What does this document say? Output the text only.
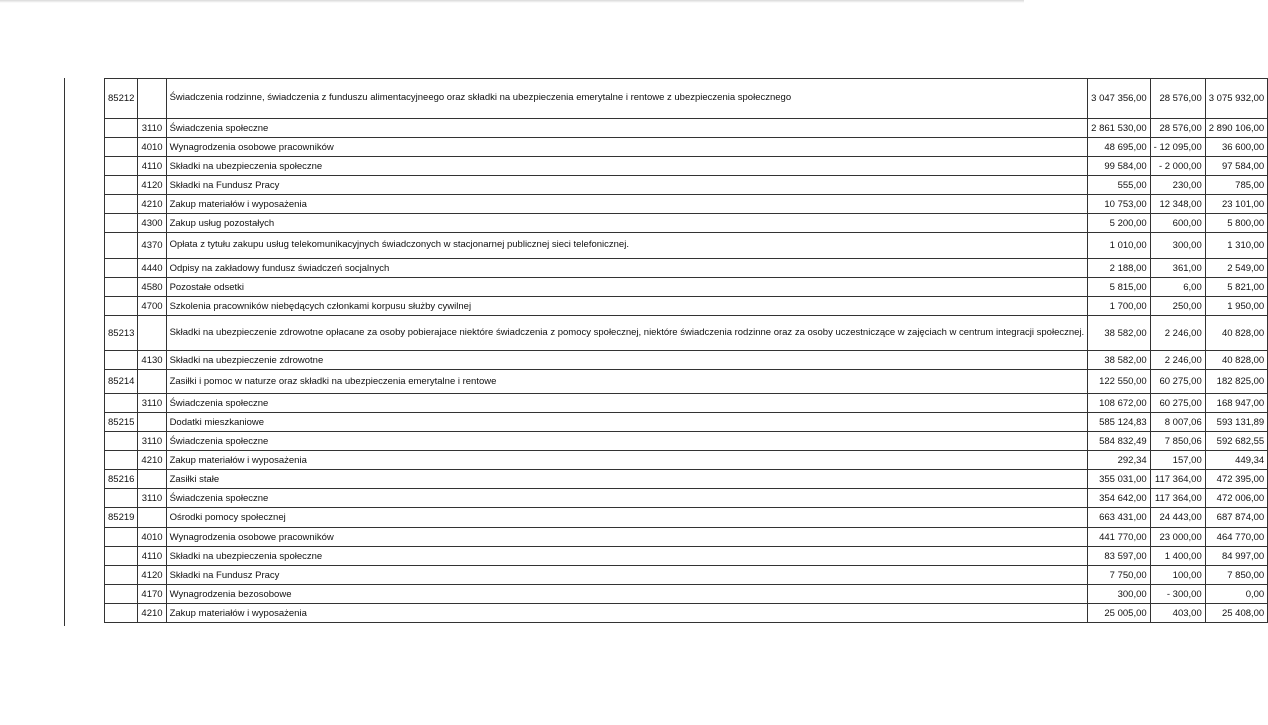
85212		Świadczenia rodzinne, świadczenia z funduszu alimentacyjneego oraz składki na ubezpieczenia emerytalne i rentowe z ubezpieczenia społecznego	3 047 356,00	28 576,00	3 075 932,00
	3110	Świadczenia społeczne	2 861 530,00	28 576,00	2 890 106,00
	4010	Wynagrodzenia osobowe pracowników	48 695,00	- 12 095,00	36 600,00
	4110	Składki na ubezpieczenia społeczne	99 584,00	- 2 000,00	97 584,00
	4120	Składki na Fundusz Pracy	555,00	230,00	785,00
	4210	Zakup materiałów i wyposażenia	10 753,00	12 348,00	23 101,00
	4300	Zakup usług pozostałych	5 200,00	600,00	5 800,00
	4370	Opłata z tytułu zakupu usług telekomunikacyjnych świadczonych w stacjonarnej publicznej sieci telefonicznej.	1 010,00	300,00	1 310,00
	4440	Odpisy na zakładowy fundusz świadczeń socjalnych	2 188,00	361,00	2 549,00
	4580	Pozostałe odsetki	5 815,00	6,00	5 821,00
	4700	Szkolenia pracowników niebędących członkami korpusu służby cywilnej	1 700,00	250,00	1 950,00
85213		Składki na ubezpieczenie zdrowotne opłacane za osoby pobierajace niektóre świadczenia z pomocy społecznej, niektóre świadczenia rodzinne oraz za osoby uczestniczące w zajęciach w centrum integracji społecznej.	38 582,00	2 246,00	40 828,00
	4130	Składki na ubezpieczenie zdrowotne	38 582,00	2 246,00	40 828,00
85214		Zasiłki i pomoc w naturze oraz składki na ubezpieczenia emerytalne i rentowe	122 550,00	60 275,00	182 825,00
	3110	Świadczenia społeczne	108 672,00	60 275,00	168 947,00
85215		Dodatki mieszkaniowe	585 124,83	8 007,06	593 131,89
	3110	Świadczenia społeczne	584 832,49	7 850,06	592 682,55
	4210	Zakup materiałów i wyposażenia	292,34	157,00	449,34
85216		Zasiłki stałe	355 031,00	117 364,00	472 395,00
	3110	Świadczenia społeczne	354 642,00	117 364,00	472 006,00
85219		Ośrodki pomocy społecznej	663 431,00	24 443,00	687 874,00
	4010	Wynagrodzenia osobowe pracowników	441 770,00	23 000,00	464 770,00
	4110	Składki na ubezpieczenia społeczne	83 597,00	1 400,00	84 997,00
	4120	Składki na Fundusz Pracy	7 750,00	100,00	7 850,00
	4170	Wynagrodzenia bezosobowe	300,00	- 300,00	0,00
	4210	Zakup materiałów i wyposażenia	25 005,00	403,00	25 408,00
